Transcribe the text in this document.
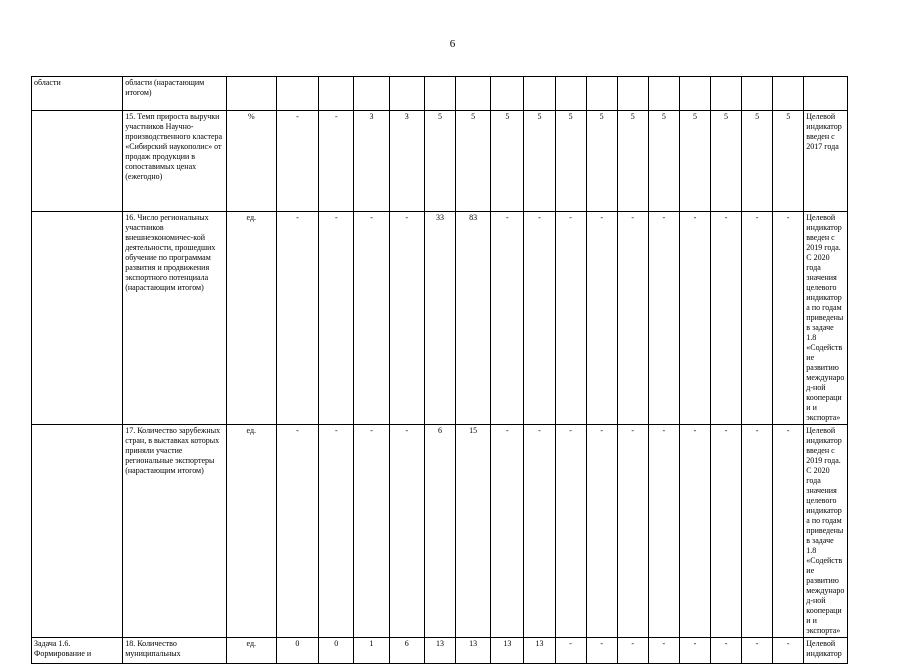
6
области	области (нарастающим итогом)																		
	15. Темп прироста выручки участников Научно-производственного кластера «Сибирский наукополис» от продаж продукции в сопоставимых ценах (ежегодно)	%	-	-	3	3	5	5	5	5	5	5	5	5	5	5	5	5	Целевой индикатор введен с 2017 года
	16. Число региональных участников внешнеэкономичес-кой деятельности, прошедших обучение по программам развития и продвижения экспортного потенциала (нарастающим итогом)	ед.	-	-	-	-	33	83	-	-	-	-	-	-	-	-	-	-	Целевой индикатор введен с 2019 года. С 2020 года значения целевого индикатора по годам приведены в задаче 1.8 «Содействие развитию международ-ной кооперации и экспорта»
	17. Количество зарубежных стран, в выставках которых приняли участие региональные экспортеры (нарастающим итогом)	ед.	-	-	-	-	6	15	-	-	-	-	-	-	-	-	-	-	Целевой индикатор введен с 2019 года. С 2020 года значения целевого индикатора по годам приведены в задаче 1.8 «Содействие развитию международ-ной кооперации и экспорта»
Задача 1.6. Формирование и	18. Количество муниципальных	ед.	0	0	1	6	13	13	13	13	-	-	-	-	-	-	-	-	Целевой индикатор
